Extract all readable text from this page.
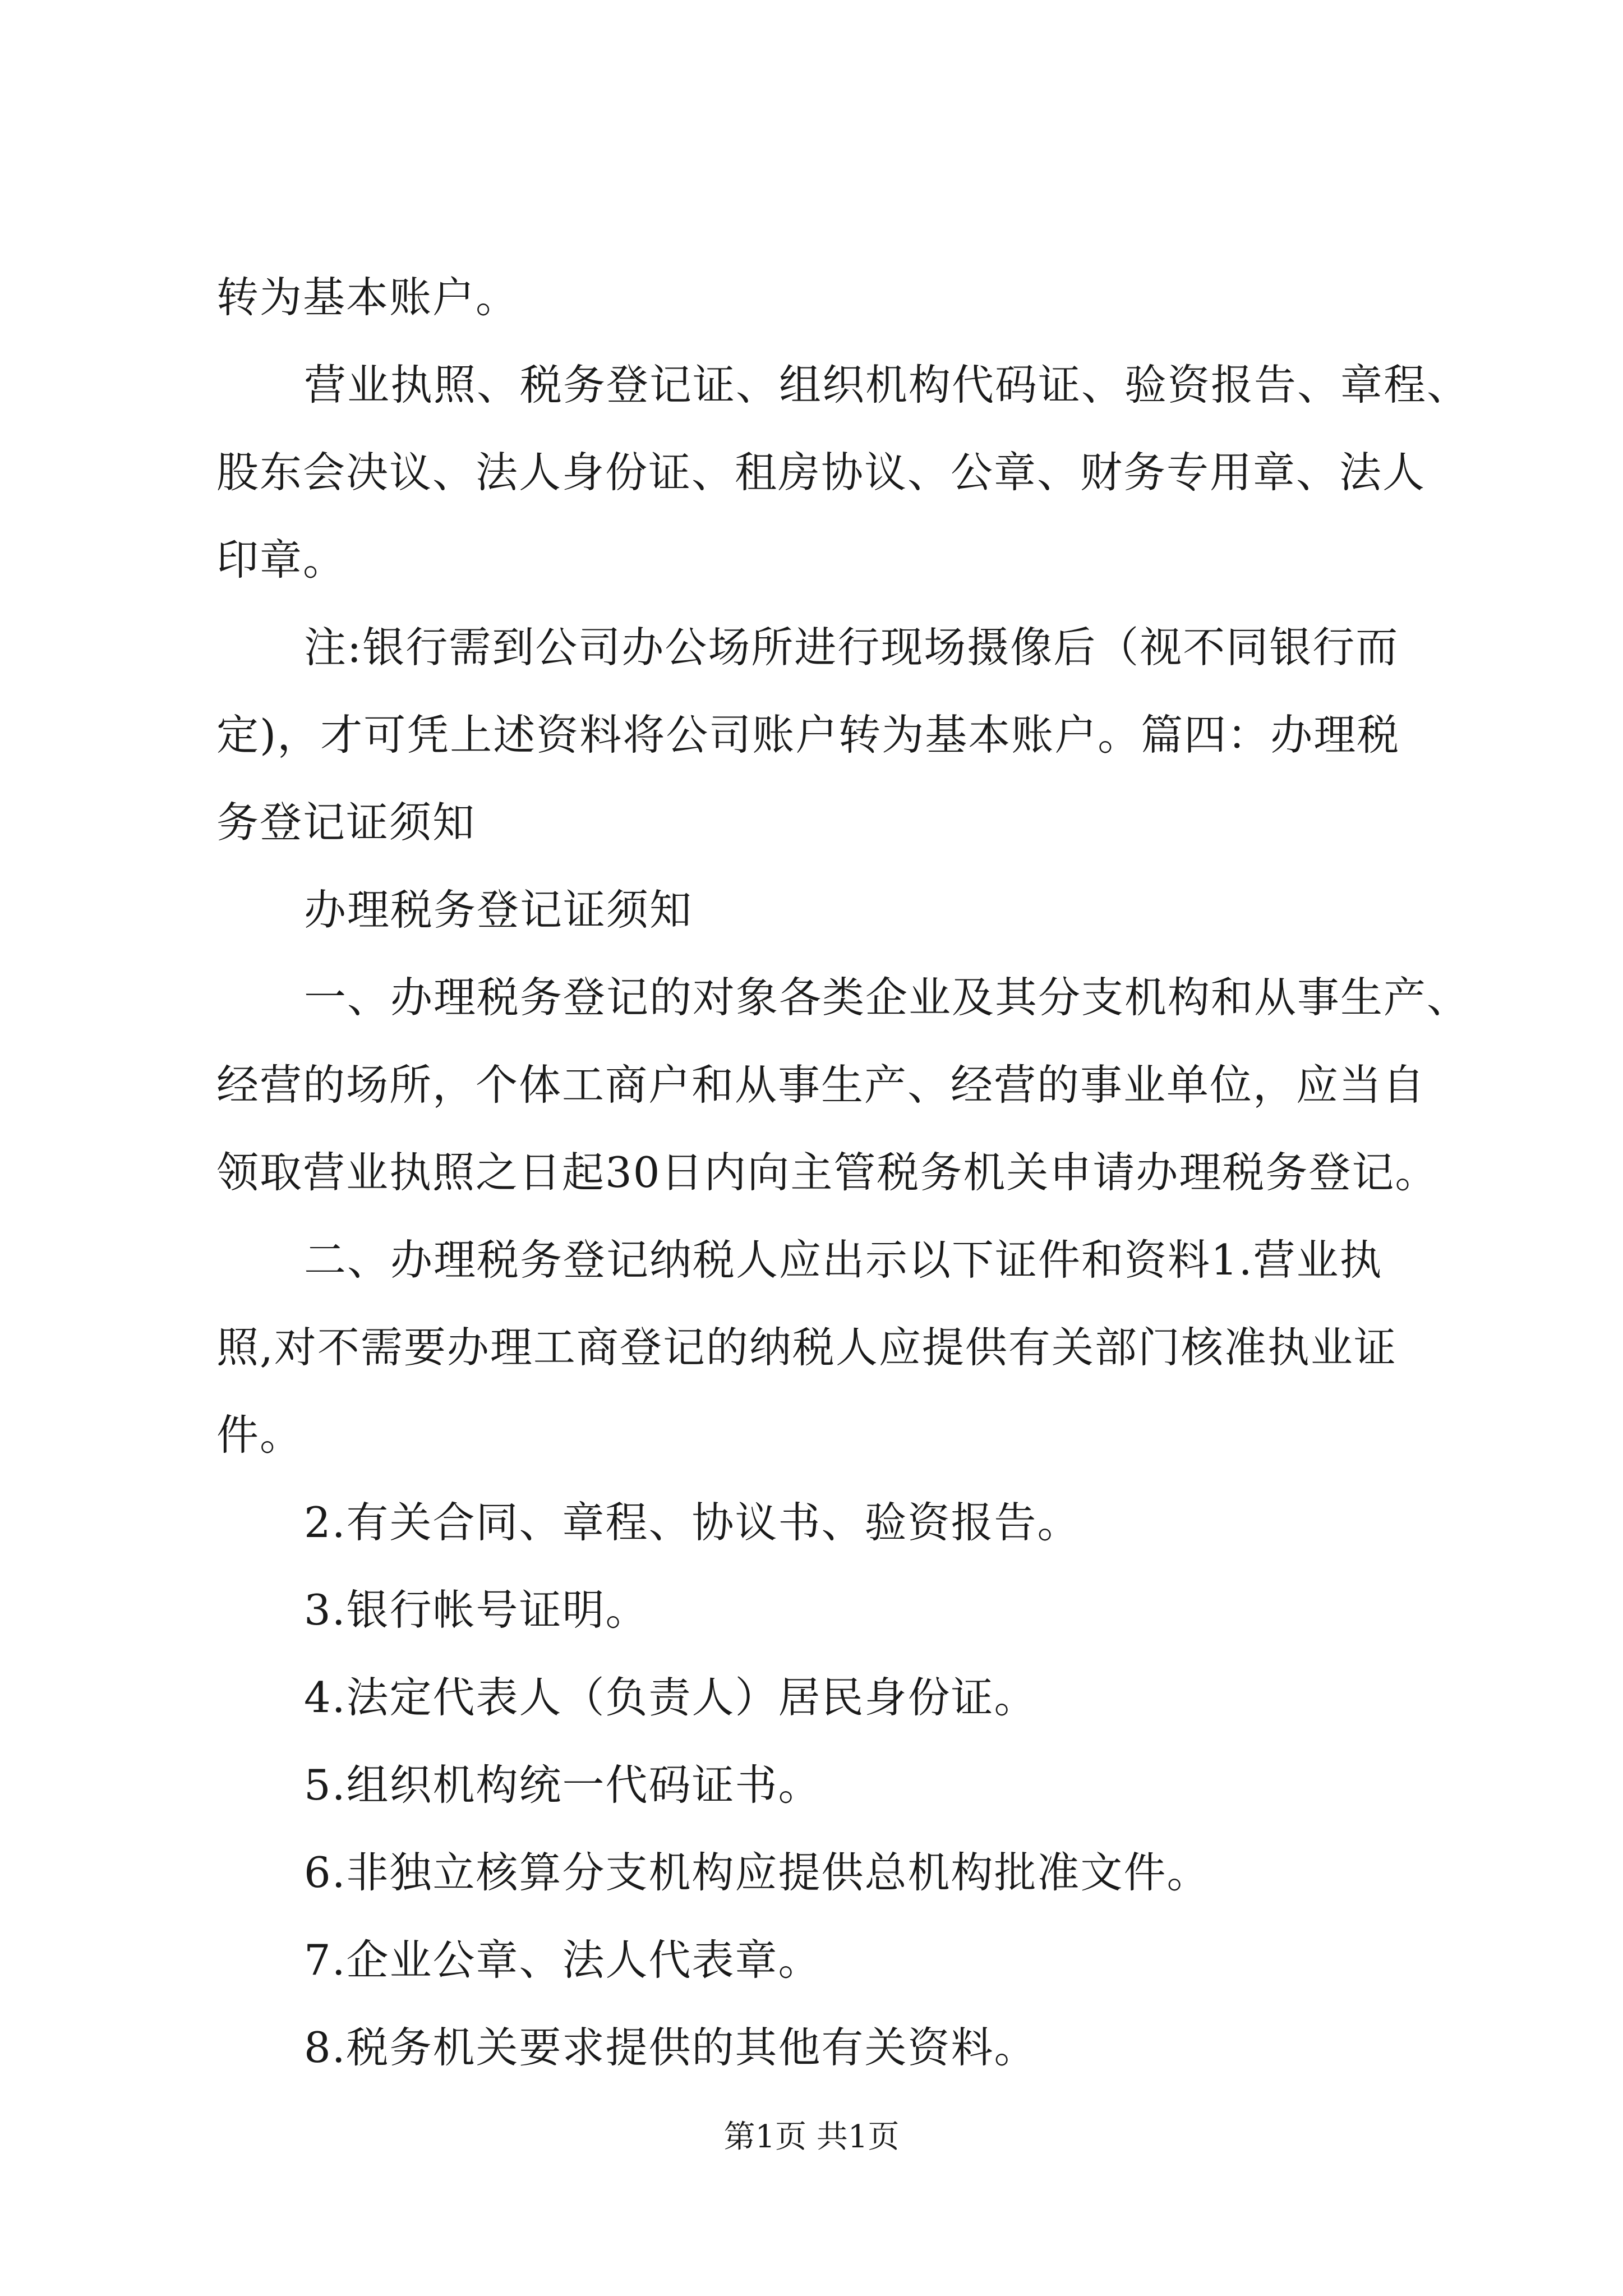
转为基本账户。
营业执照、税务登记证、组织机构代码证、验资报告、章程、
股东会决议、法人身份证、租房协议、公章、财务专用章、法人
印章。
注:银行需到公司办公场所进行现场摄像后（视不同银行而
定)，才可凭上述资料将公司账户转为基本账户。篇四：办理税
务登记证须知
办理税务登记证须知
一、办理税务登记的对象各类企业及其分支机构和从事生产、
经营的场所，个体工商户和从事生产、经营的事业单位，应当自
领取营业执照之日起30日内向主管税务机关申请办理税务登记。
二、办理税务登记纳税人应出示以下证件和资料1.营业执
照,对不需要办理工商登记的纳税人应提供有关部门核准执业证
件。
2.有关合同、章程、协议书、验资报告。
3.银行帐号证明。
4.法定代表人（负责人）居民身份证。
5.组织机构统一代码证书。
6.非独立核算分支机构应提供总机构批准文件。
7.企业公章、法人代表章。
8.税务机关要求提供的其他有关资料。
第1页 共1页
